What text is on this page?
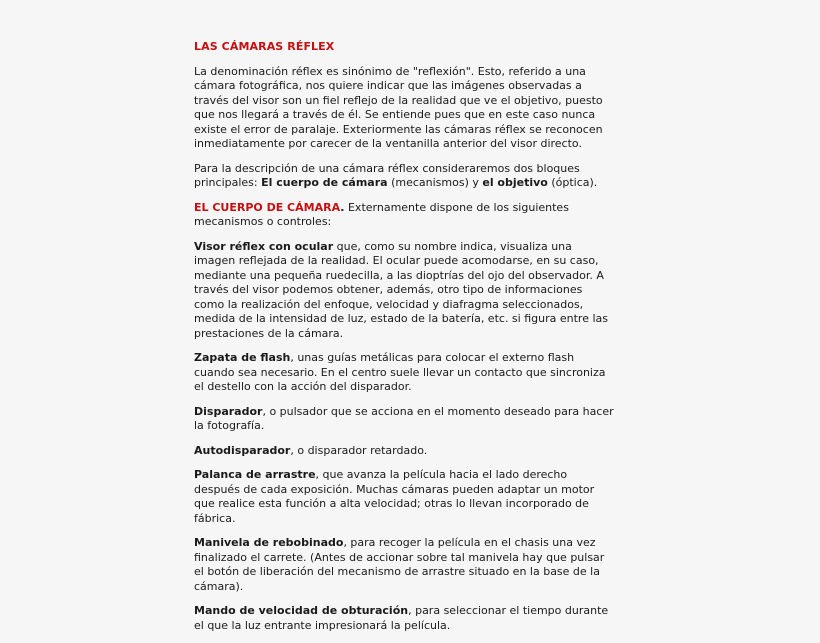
LAS CÁMARAS RÉFLEX

La denominación réflex es sinónimo de "reflexión". Esto, referido a una cámara fotográfica, nos quiere indicar que las imágenes observadas a través del visor son un fiel reflejo de la realidad que ve el objetivo, puesto que nos llegará a través de él. Se entiende pues que en este caso nunca existe el error de paralaje. Exteriormente las cámaras réflex se reconocen inmediatamente por carecer de la ventanilla anterior del visor directo.

Para la descripción de una cámara réflex consideraremos dos bloques principales: El cuerpo de cámara (mecanismos) y el objetivo (óptica).

EL CUERPO DE CÁMARA. Externamente dispone de los siguientes mecanismos o controles:

Visor réflex con ocular que, como su nombre indica, visualiza una imagen reflejada de la realidad. El ocular puede acomodarse, en su caso, mediante una pequeña ruedecilla, a las dioptrías del ojo del observador. A través del visor podemos obtener, además, otro tipo de informaciones como la realización del enfoque, velocidad y diafragma seleccionados, medida de la intensidad de luz, estado de la batería, etc. si figura entre las prestaciones de la cámara.

Zapata de flash, unas guías metálicas para colocar el externo flash cuando sea necesario. En el centro suele llevar un contacto que sincroniza el destello con la acción del disparador.

Disparador, o pulsador que se acciona en el momento deseado para hacer la fotografía.

Autodisparador, o disparador retardado.

Palanca de arrastre, que avanza la película hacia el lado derecho después de cada exposición. Muchas cámaras pueden adaptar un motor que realice esta función a alta velocidad; otras lo llevan incorporado de fábrica.

Manivela de rebobinado, para recoger la película en el chasis una vez finalizado el carrete. (Antes de accionar sobre tal manivela hay que pulsar el botón de liberación del mecanismo de arrastre situado en la base de la cámara).

Mando de velocidad de obturación, para seleccionar el tiempo durante el que la luz entrante impresionará la película.
